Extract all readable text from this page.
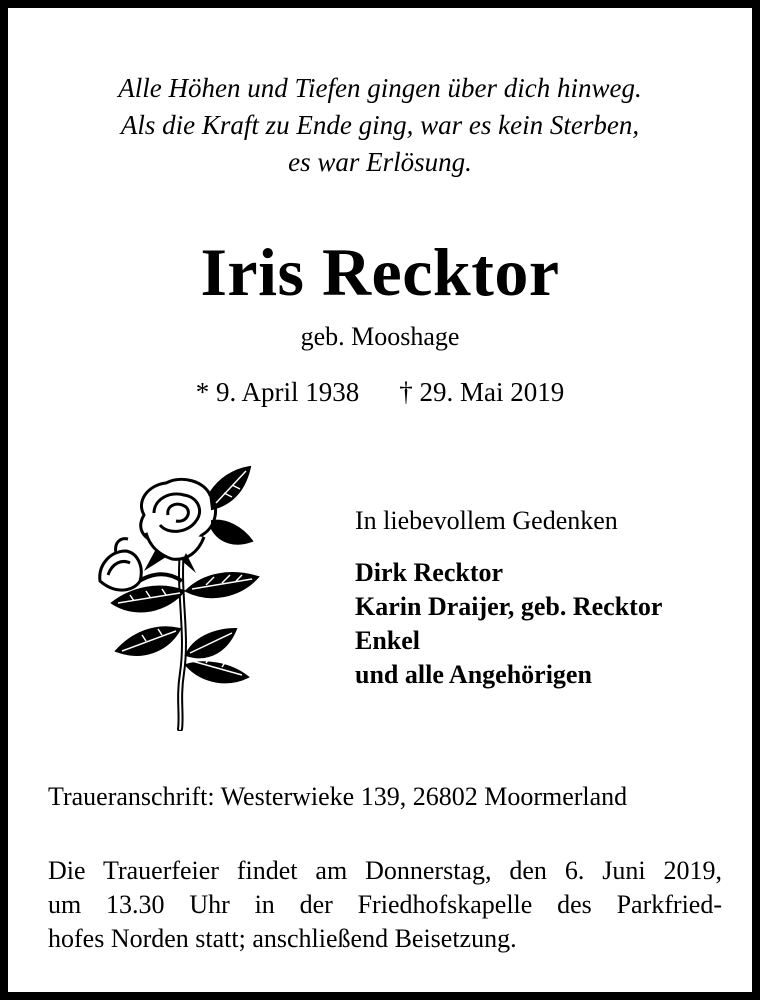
Alle Höhen und Tiefen gingen über dich hinweg.
Als die Kraft zu Ende ging, war es kein Sterben,
es war Erlösung.
Iris Recktor
geb. Mooshage
* 9. April 1938 † 29. Mai 2019
In liebevollem Gedenken
Dirk Recktor
Karin Draijer, geb. Recktor
Enkel
und alle Angehörigen
Traueranschrift: Westerwieke 139, 26802 Moormerland
Die Trauerfeier findet am Donnerstag, den 6. Juni 2019,
um 13.30 Uhr in der Friedhofskapelle des Parkfried-
hofes Norden statt; anschließend Beisetzung.
